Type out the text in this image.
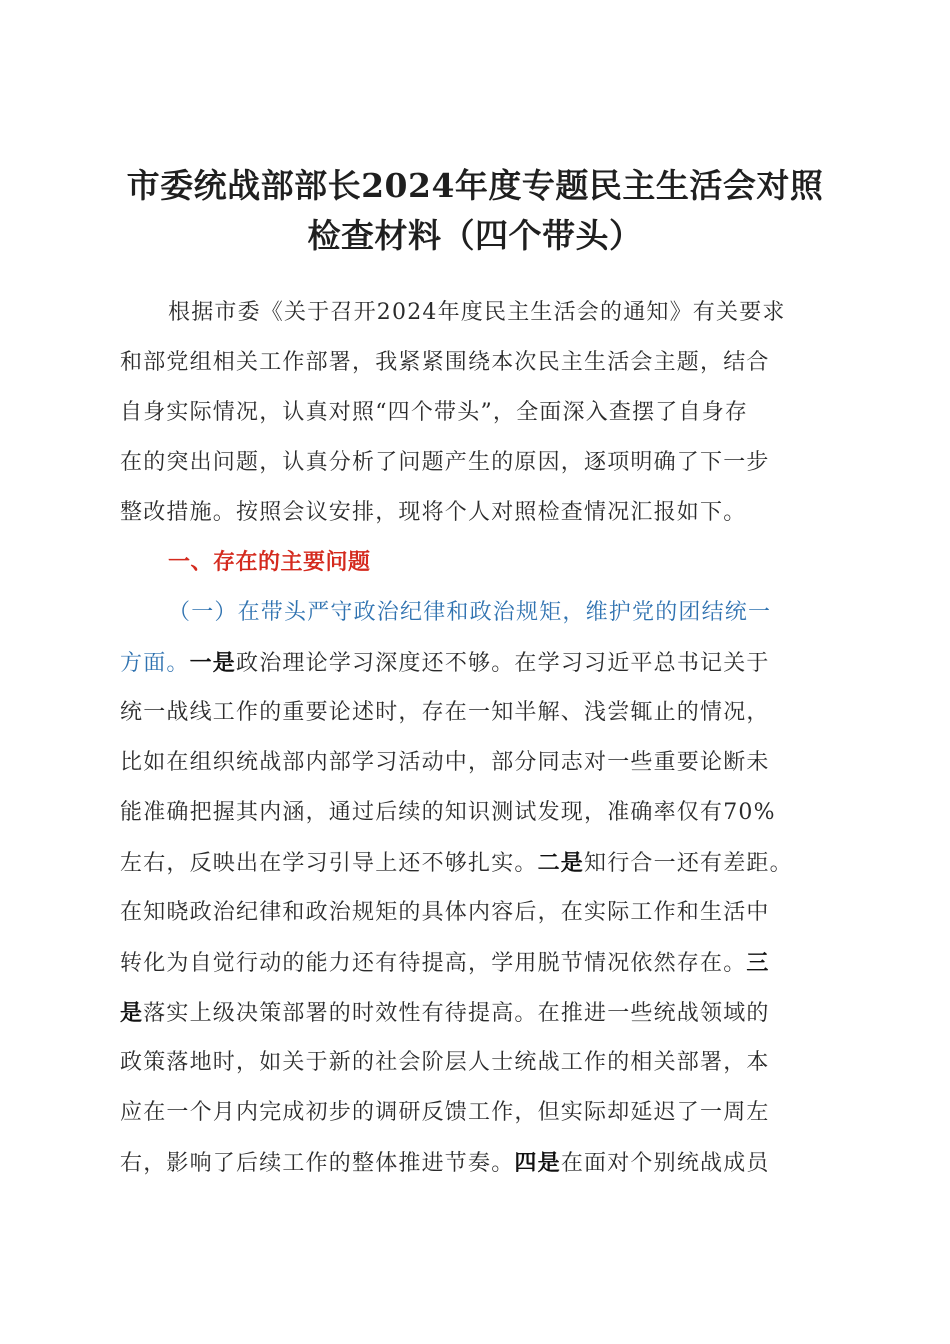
市委统战部部长2024年度专题民主生活会对照
检查材料（四个带头）
根据市委《关于召开2024年度民主生活会的通知》有关要求
和部党组相关工作部署，我紧紧围绕本次民主生活会主题，结合
自身实际情况，认真对照“四个带头”，全面深入查摆了自身存
在的突出问题，认真分析了问题产生的原因，逐项明确了下一步
整改措施。按照会议安排，现将个人对照检查情况汇报如下。
一、存在的主要问题
（一）在带头严守政治纪律和政治规矩，维护党的团结统一
方面。一是政治理论学习深度还不够。在学习习近平总书记关于
统一战线工作的重要论述时，存在一知半解、浅尝辄止的情况，
比如在组织统战部内部学习活动中，部分同志对一些重要论断未
能准确把握其内涵，通过后续的知识测试发现，准确率仅有70%
左右，反映出在学习引导上还不够扎实。二是知行合一还有差距。
在知晓政治纪律和政治规矩的具体内容后，在实际工作和生活中
转化为自觉行动的能力还有待提高，学用脱节情况依然存在。三
是落实上级决策部署的时效性有待提高。在推进一些统战领域的
政策落地时，如关于新的社会阶层人士统战工作的相关部署，本
应在一个月内完成初步的调研反馈工作，但实际却延迟了一周左
右，影响了后续工作的整体推进节奏。四是在面对个别统战成员
